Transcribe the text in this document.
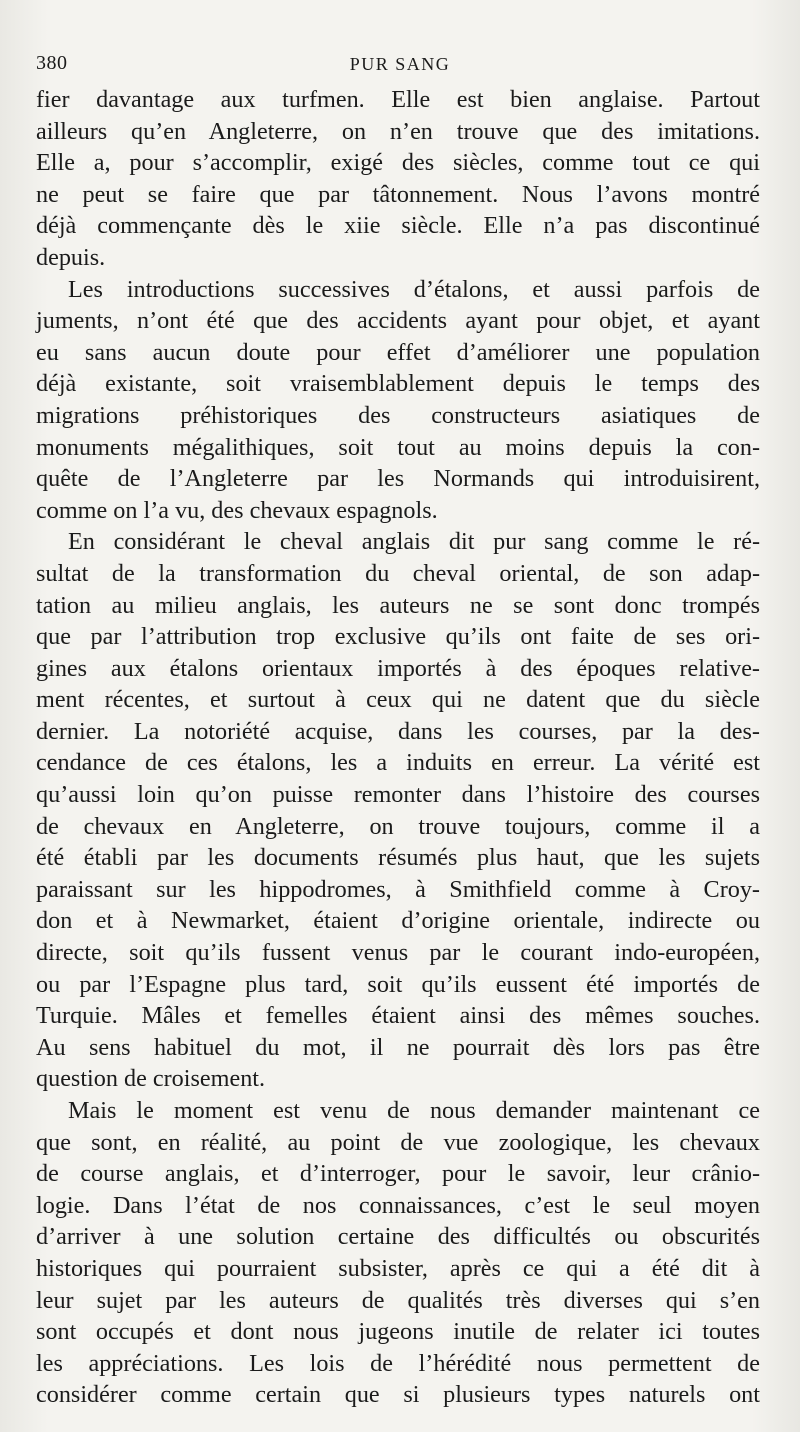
380	PUR SANG
fier davantage aux turfmen. Elle est bien anglaise. Partout
ailleurs qu’en Angleterre, on n’en trouve que des imitations.
Elle a, pour s’accomplir, exigé des siècles, comme tout ce qui
ne peut se faire que par tâtonnement. Nous l’avons montré
déjà commençante dès le xiie siècle. Elle n’a pas discontinué
depuis.
Les introductions successives d’étalons, et aussi parfois de
juments, n’ont été que des accidents ayant pour objet, et ayant
eu sans aucun doute pour effet d’améliorer une population
déjà existante, soit vraisemblablement depuis le temps des
migrations préhistoriques des constructeurs asiatiques de
monuments mégalithiques, soit tout au moins depuis la con-
quête de l’Angleterre par les Normands qui introduisirent,
comme on l’a vu, des chevaux espagnols.
En considérant le cheval anglais dit pur sang comme le ré-
sultat de la transformation du cheval oriental, de son adap-
tation au milieu anglais, les auteurs ne se sont donc trompés
que par l’attribution trop exclusive qu’ils ont faite de ses ori-
gines aux étalons orientaux importés à des époques relative-
ment récentes, et surtout à ceux qui ne datent que du siècle
dernier. La notoriété acquise, dans les courses, par la des-
cendance de ces étalons, les a induits en erreur. La vérité est
qu’aussi loin qu’on puisse remonter dans l’histoire des courses
de chevaux en Angleterre, on trouve toujours, comme il a
été établi par les documents résumés plus haut, que les sujets
paraissant sur les hippodromes, à Smithfield comme à Croy-
don et à Newmarket, étaient d’origine orientale, indirecte ou
directe, soit qu’ils fussent venus par le courant indo-européen,
ou par l’Espagne plus tard, soit qu’ils eussent été importés de
Turquie. Mâles et femelles étaient ainsi des mêmes souches.
Au sens habituel du mot, il ne pourrait dès lors pas être
question de croisement.
Mais le moment est venu de nous demander maintenant ce
que sont, en réalité, au point de vue zoologique, les chevaux
de course anglais, et d’interroger, pour le savoir, leur crânio-
logie. Dans l’état de nos connaissances, c’est le seul moyen
d’arriver à une solution certaine des difficultés ou obscurités
historiques qui pourraient subsister, après ce qui a été dit à
leur sujet par les auteurs de qualités très diverses qui s’en
sont occupés et dont nous jugeons inutile de relater ici toutes
les appréciations. Les lois de l’hérédité nous permettent de
considérer comme certain que si plusieurs types naturels ont
